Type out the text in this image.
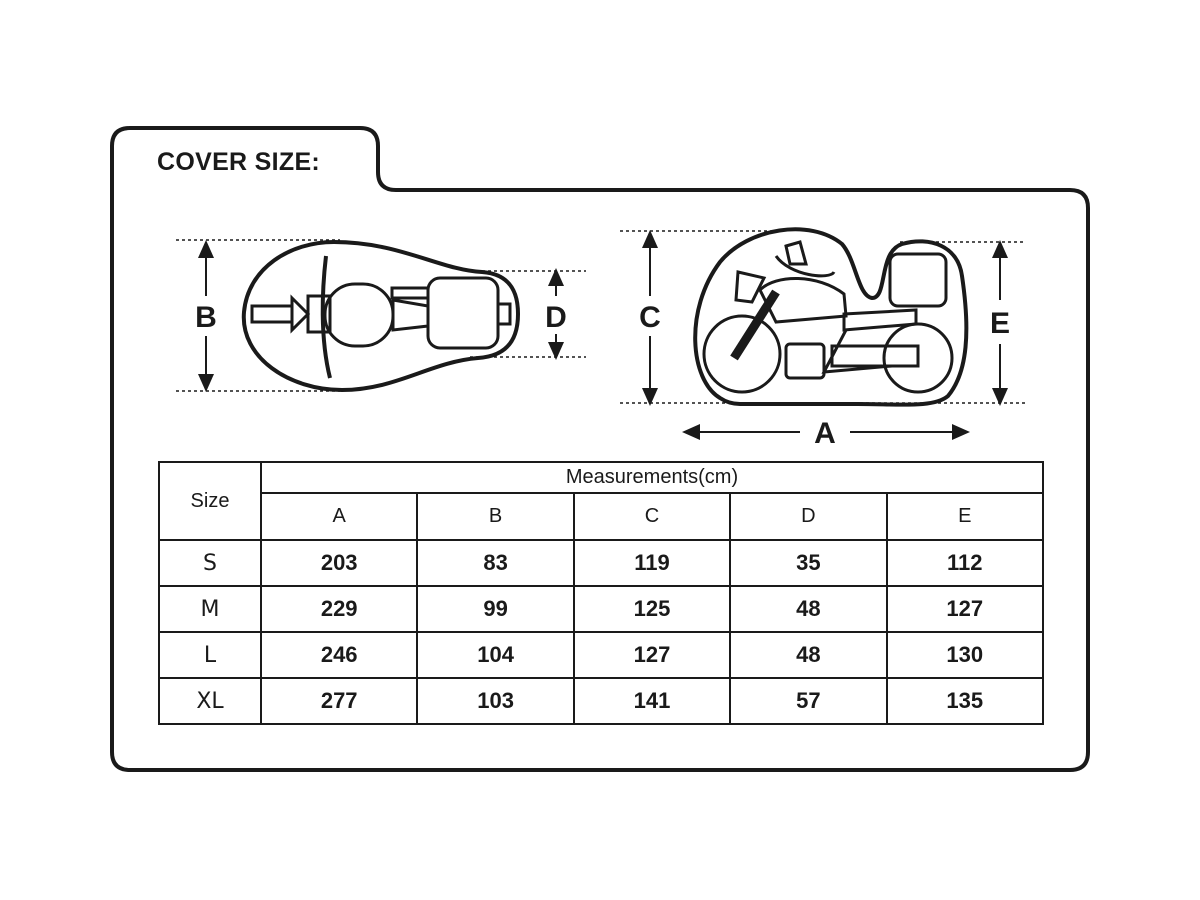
B	D C	E
A
COVER SIZE:
Size	Measurements(cm)				
	A	B	C	D	E
S	203	83	119	35	112
M	229	99	125	48	127
L	246	104	127	48	130
XL	277	103	141	57	135
